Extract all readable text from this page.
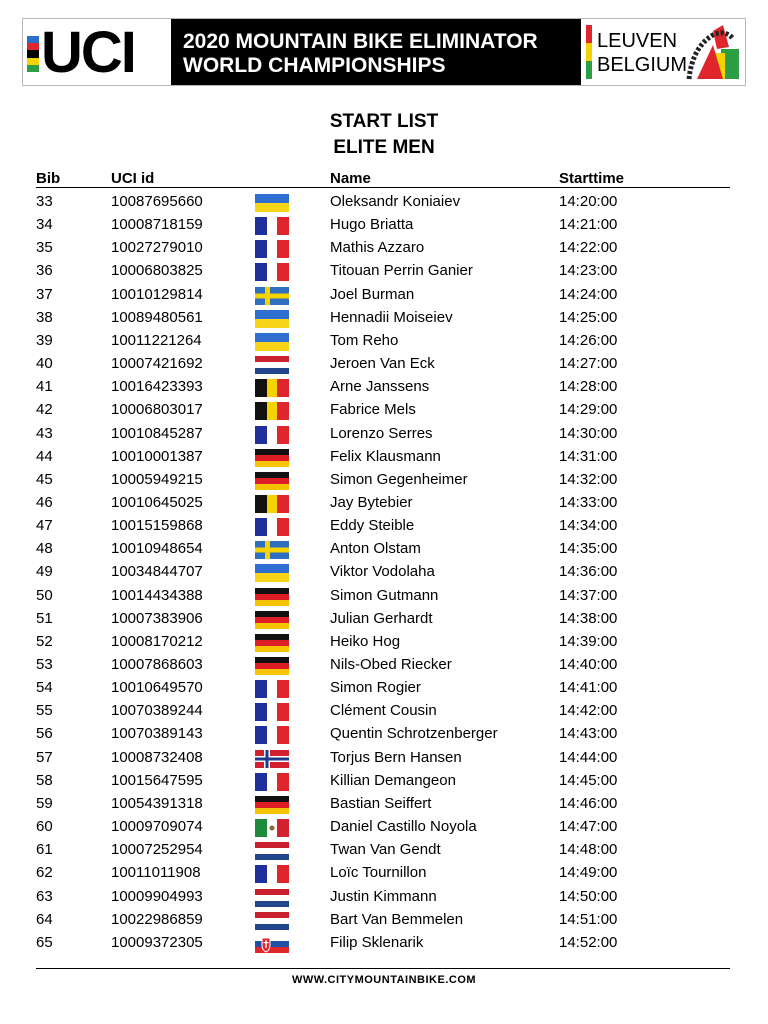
UCI 2020 MOUNTAIN BIKE ELIMINATOR
WORLD CHAMPIONSHIPS
LEUVEN
BELGIUM
START LIST
ELITE MEN
Bib	UCI id	Name	Starttime
33	10087695660	Oleksandr Koniaiev	14:20:00
34	10008718159	Hugo Briatta	14:21:00
35	10027279010	Mathis Azzaro	14:22:00
36	10006803825	Titouan Perrin Ganier	14:23:00
37	10010129814	Joel Burman	14:24:00
38	10089480561	Hennadii Moiseiev	14:25:00
39	10011221264	Tom Reho	14:26:00
40	10007421692	Jeroen Van Eck	14:27:00
41	10016423393	Arne Janssens	14:28:00
42	10006803017	Fabrice Mels	14:29:00
43	10010845287	Lorenzo Serres	14:30:00
44	10010001387	Felix Klausmann	14:31:00
45	10005949215	Simon Gegenheimer	14:32:00
46	10010645025	Jay Bytebier	14:33:00
47	10015159868	Eddy Steible	14:34:00
48	10010948654	Anton Olstam	14:35:00
49	10034844707	Viktor Vodolaha	14:36:00
50	10014434388	Simon Gutmann	14:37:00
51	10007383906	Julian Gerhardt	14:38:00
52	10008170212	Heiko Hog	14:39:00
53	10007868603	Nils-Obed Riecker	14:40:00
54	10010649570	Simon Rogier	14:41:00
55	10070389244	Clément Cousin	14:42:00
56	10070389143	Quentin Schrotzenberger	14:43:00
57	10008732408	Torjus Bern Hansen	14:44:00
58	10015647595	Killian Demangeon	14:45:00
59	10054391318	Bastian Seiffert	14:46:00
60	10009709074	Daniel Castillo Noyola	14:47:00
61	10007252954	Twan Van Gendt	14:48:00
62	10011011908	Loïc Tournillon	14:49:00
63	10009904993	Justin Kimmann	14:50:00
64	10022986859	Bart Van Bemmelen	14:51:00
65	10009372305	Filip Sklenarik	14:52:00
WWW.CITYMOUNTAINBIKE.COM
